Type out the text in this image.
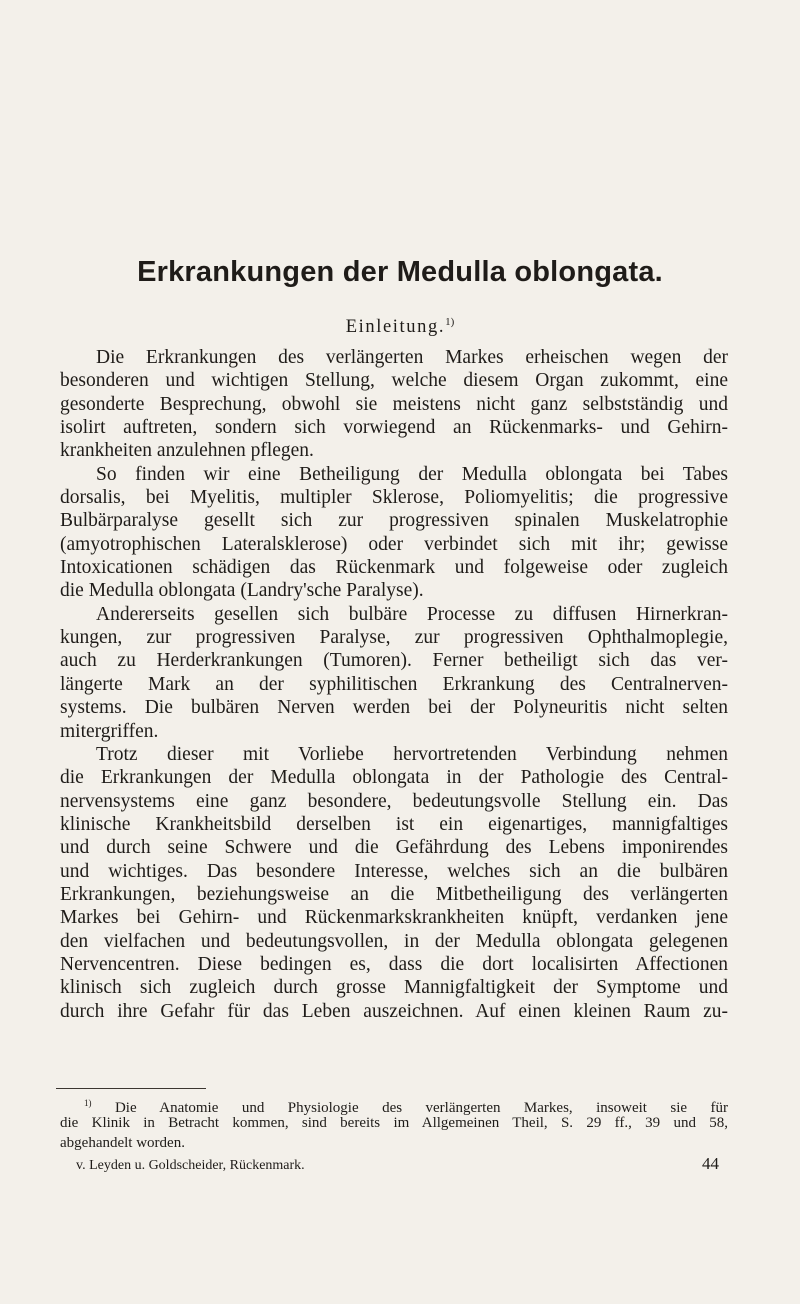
Erkrankungen der Medulla oblongata.
Einleitung.$^{1)}$
Die Erkrankungen des verlängerten Markes erheischen wegen der
besonderen und wichtigen Stellung, welche diesem Organ zukommt, eine
gesonderte Besprechung, obwohl sie meistens nicht ganz selbstständig und
isolirt auftreten, sondern sich vorwiegend an Rückenmarks- und Gehirn-
krankheiten anzulehnen pflegen.
So finden wir eine Betheiligung der Medulla oblongata bei Tabes
dorsalis, bei Myelitis, multipler Sklerose, Poliomyelitis; die progressive
Bulbärparalyse gesellt sich zur progressiven spinalen Muskelatrophie
(amyotrophischen Lateralsklerose) oder verbindet sich mit ihr; gewisse
Intoxicationen schädigen das Rückenmark und folgeweise oder zugleich
die Medulla oblongata (Landry'sche Paralyse).
Andererseits gesellen sich bulbäre Processe zu diffusen Hirnerkran-
kungen, zur progressiven Paralyse, zur progressiven Ophthalmoplegie,
auch zu Herderkrankungen (Tumoren). Ferner betheiligt sich das ver-
längerte Mark an der syphilitischen Erkrankung des Centralnerven-
systems. Die bulbären Nerven werden bei der Polyneuritis nicht selten
mitergriffen.
Trotz dieser mit Vorliebe hervortretenden Verbindung nehmen
die Erkrankungen der Medulla oblongata in der Pathologie des Central-
nervensystems eine ganz besondere, bedeutungsvolle Stellung ein. Das
klinische Krankheitsbild derselben ist ein eigenartiges, mannigfaltiges
und durch seine Schwere und die Gefährdung des Lebens imponirendes
und wichtiges. Das besondere Interesse, welches sich an die bulbären
Erkrankungen, beziehungsweise an die Mitbetheiligung des verlängerten
Markes bei Gehirn- und Rückenmarkskrankheiten knüpft, verdanken jene
den vielfachen und bedeutungsvollen, in der Medulla oblongata gelegenen
Nervencentren. Diese bedingen es, dass die dort localisirten Affectionen
klinisch sich zugleich durch grosse Mannigfaltigkeit der Symptome und
durch ihre Gefahr für das Leben auszeichnen. Auf einen kleinen Raum zu-
$^{1)}$ Die Anatomie und Physiologie des verlängerten Markes, insoweit sie für
die Klinik in Betracht kommen, sind bereits im Allgemeinen Theil, S. 29 ff., 39 und 58,
abgehandelt worden.
v. Leyden u. Goldscheider, Rückenmark.	44
